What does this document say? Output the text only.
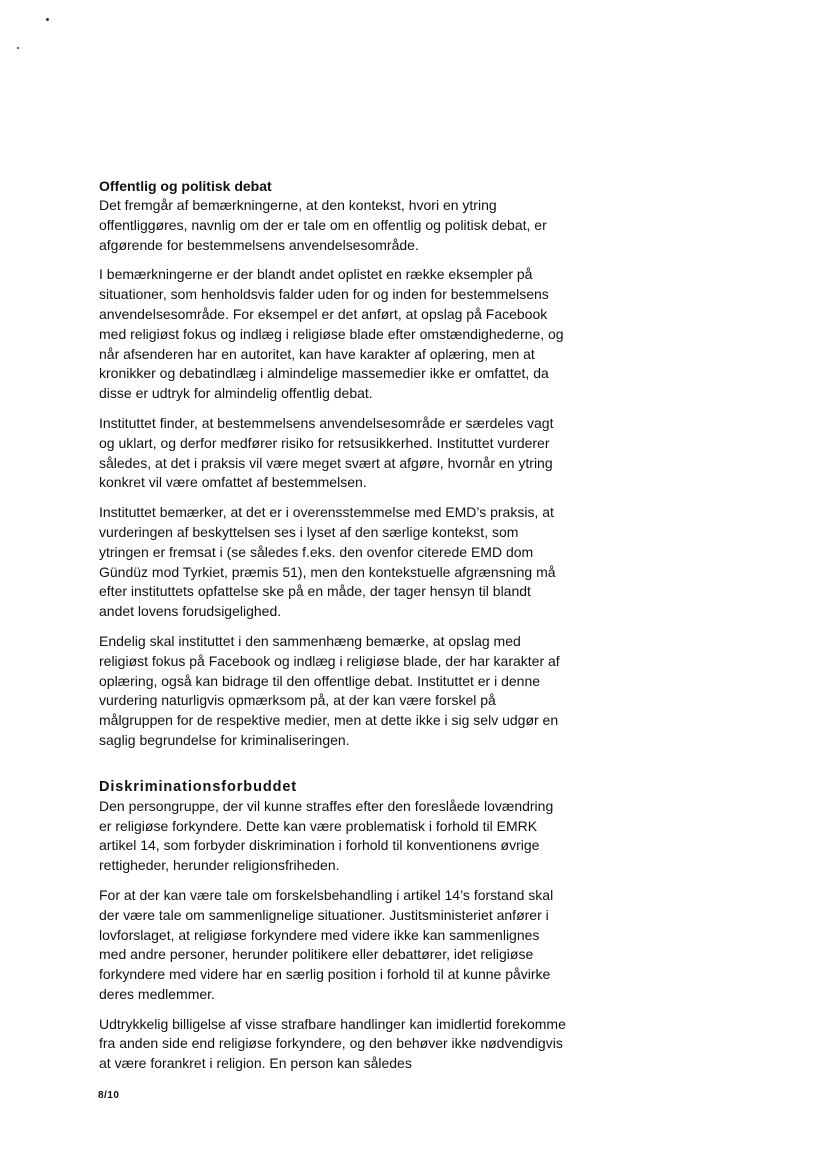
Offentlig og politisk debat

Det fremgår af bemærkningerne, at den kontekst, hvori en ytring offentliggøres, navnlig om der er tale om en offentlig og politisk debat, er afgørende for bestemmelsens anvendelsesområde.

I bemærkningerne er der blandt andet oplistet en række eksempler på situationer, som henholdsvis falder uden for og inden for bestemmelsens anvendelsesområde. For eksempel er det anført, at opslag på Facebook med religiøst fokus og indlæg i religiøse blade efter omstændighederne, og når afsenderen har en autoritet, kan have karakter af oplæring, men at kronikker og debatindlæg i almindelige massemedier ikke er omfattet, da disse er udtryk for almindelig offentlig debat.

Instituttet finder, at bestemmelsens anvendelsesområde er særdeles vagt og uklart, og derfor medfører risiko for retsusikkerhed. Instituttet vurderer således, at det i praksis vil være meget svært at afgøre, hvornår en ytring konkret vil være omfattet af bestemmelsen.

Instituttet bemærker, at det er i overensstemmelse med EMD’s praksis, at vurderingen af beskyttelsen ses i lyset af den særlige kontekst, som ytringen er fremsat i (se således f.eks. den ovenfor citerede EMD dom Gündüz mod Tyrkiet, præmis 51), men den kontekstuelle afgrænsning må efter instituttets opfattelse ske på en måde, der tager hensyn til blandt andet lovens forudsigelighed.

Endelig skal instituttet i den sammenhæng bemærke, at opslag med religiøst fokus på Facebook og indlæg i religiøse blade, der har karakter af oplæring, også kan bidrage til den offentlige debat. Instituttet er i denne vurdering naturligvis opmærksom på, at der kan være forskel på målgruppen for de respektive medier, men at dette ikke i sig selv udgør en saglig begrundelse for kriminaliseringen.

Diskriminationsforbuddet

Den persongruppe, der vil kunne straffes efter den foreslåede lovændring er religiøse forkyndere. Dette kan være problematisk i forhold til EMRK artikel 14, som forbyder diskrimination i forhold til konventionens øvrige rettigheder, herunder religionsfriheden.

For at der kan være tale om forskelsbehandling i artikel 14’s forstand skal der være tale om sammenlignelige situationer. Justitsministeriet anfører i lovforslaget, at religiøse forkyndere med videre ikke kan sammenlignes med andre personer, herunder politikere eller debattører, idet religiøse forkyndere med videre har en særlig position i forhold til at kunne påvirke deres medlemmer.

Udtrykkelig billigelse af visse strafbare handlinger kan imidlertid forekomme fra anden side end religiøse forkyndere, og den behøver ikke nødvendigvis at være forankret i religion. En person kan således

8/10
